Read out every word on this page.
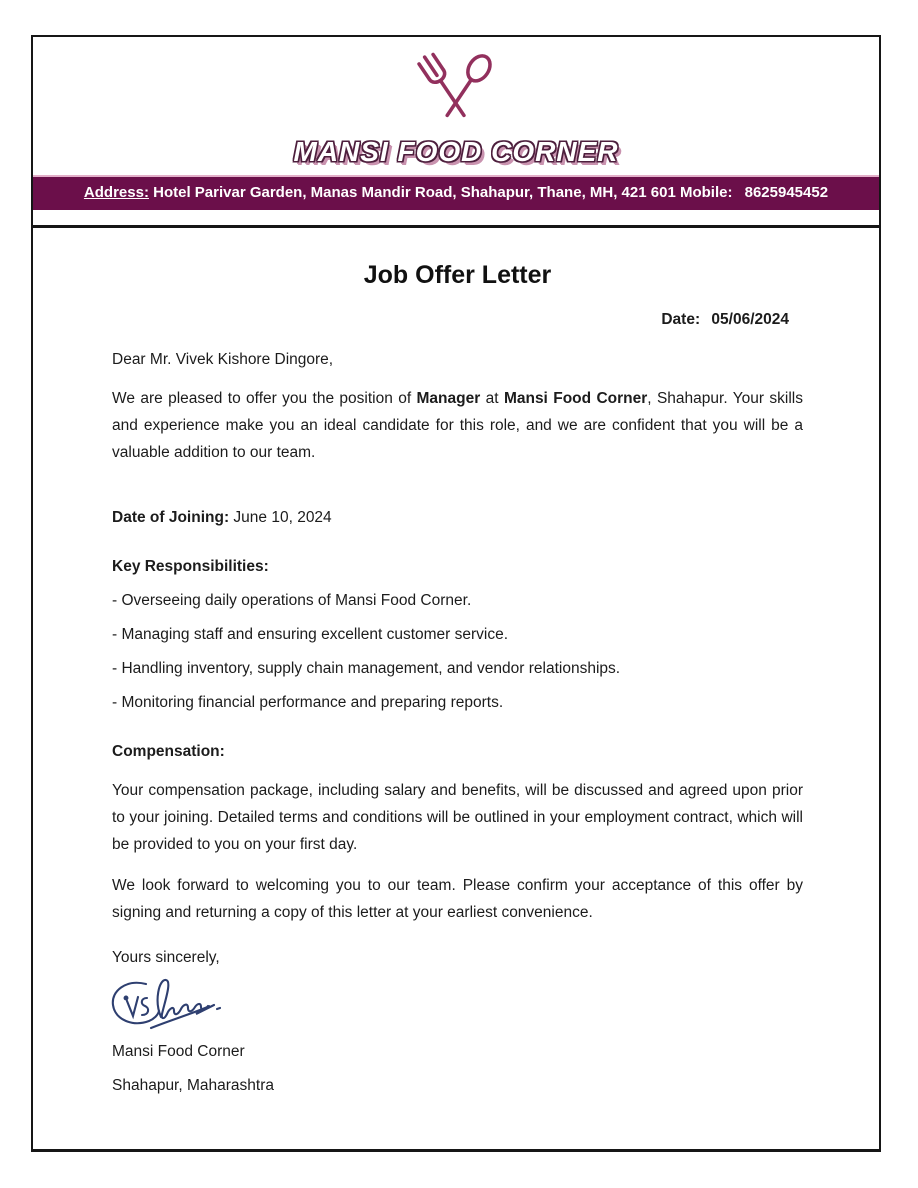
MANSI FOOD CORNER
Address: Hotel Parivar Garden, Manas Mandir Road, Shahapur, Thane, MH, 421 601 Mobile: 8625945452
Job Offer Letter
Date: 05/06/2024

Dear Mr. Vivek Kishore Dingore,

We are pleased to offer you the position of Manager at Mansi Food Corner, Shahapur. Your skills and experience make you an ideal candidate for this role, and we are confident that you will be a valuable addition to our team.

Date of Joining: June 10, 2024

Key Responsibilities:

- Overseeing daily operations of Mansi Food Corner.

- Managing staff and ensuring excellent customer service.

- Handling inventory, supply chain management, and vendor relationships.

- Monitoring financial performance and preparing reports.

Compensation:

Your compensation package, including salary and benefits, will be discussed and agreed upon prior to your joining. Detailed terms and conditions will be outlined in your employment contract, which will be provided to you on your first day.

We look forward to welcoming you to our team. Please confirm your acceptance of this offer by signing and returning a copy of this letter at your earliest convenience.

Yours sincerely,

Mansi Food Corner

Shahapur, Maharashtra
